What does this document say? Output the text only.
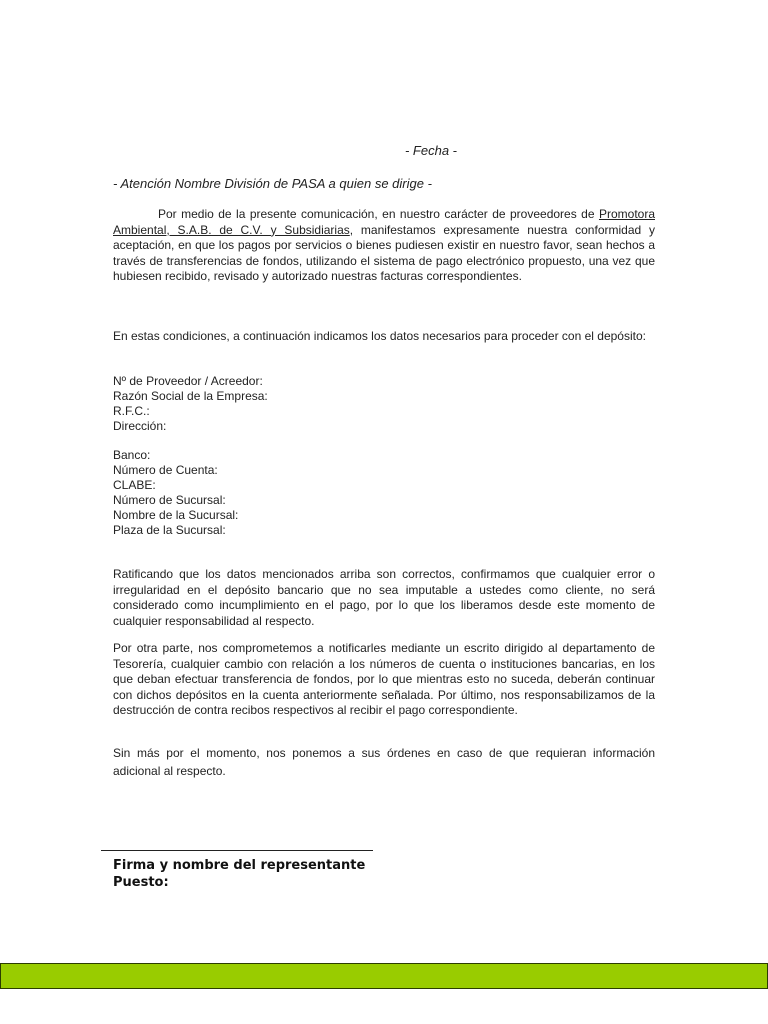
- Fecha -
- Atención Nombre División de PASA a quien se dirige -
Por medio de la presente comunicación, en nuestro carácter de proveedores de Promotora Ambiental, S.A.B. de C.V. y Subsidiarias, manifestamos expresamente nuestra conformidad y aceptación, en que los pagos por servicios o bienes pudiesen existir en nuestro favor, sean hechos a través de transferencias de fondos, utilizando el sistema de pago electrónico propuesto, una vez que hubiesen recibido, revisado y autorizado nuestras facturas correspondientes.
En estas condiciones, a continuación indicamos los datos necesarios para proceder con el depósito:
Nº de Proveedor / Acreedor:
Razón Social de la Empresa:
R.F.C.:
Dirección:
Banco:
Número de Cuenta:
CLABE:
Número de Sucursal:
Nombre de la Sucursal:
Plaza de la Sucursal:
Ratificando que los datos mencionados arriba son correctos, confirmamos que cualquier error o irregularidad en el depósito bancario que no sea imputable a ustedes como cliente, no será considerado como incumplimiento en el pago, por lo que los liberamos desde este momento de cualquier responsabilidad al respecto.
Por otra parte, nos comprometemos a notificarles mediante un escrito dirigido al departamento de Tesorería, cualquier cambio con relación a los números de cuenta o instituciones bancarias, en los que deban efectuar transferencia de fondos, por lo que mientras esto no suceda, deberán continuar con dichos depósitos en la cuenta anteriormente señalada. Por último, nos responsabilizamos de la destrucción de contra recibos respectivos al recibir el pago correspondiente.
Sin más por el momento, nos ponemos a sus órdenes en caso de que requieran información adicional al respecto.
Firma y nombre del representante
Puesto:
